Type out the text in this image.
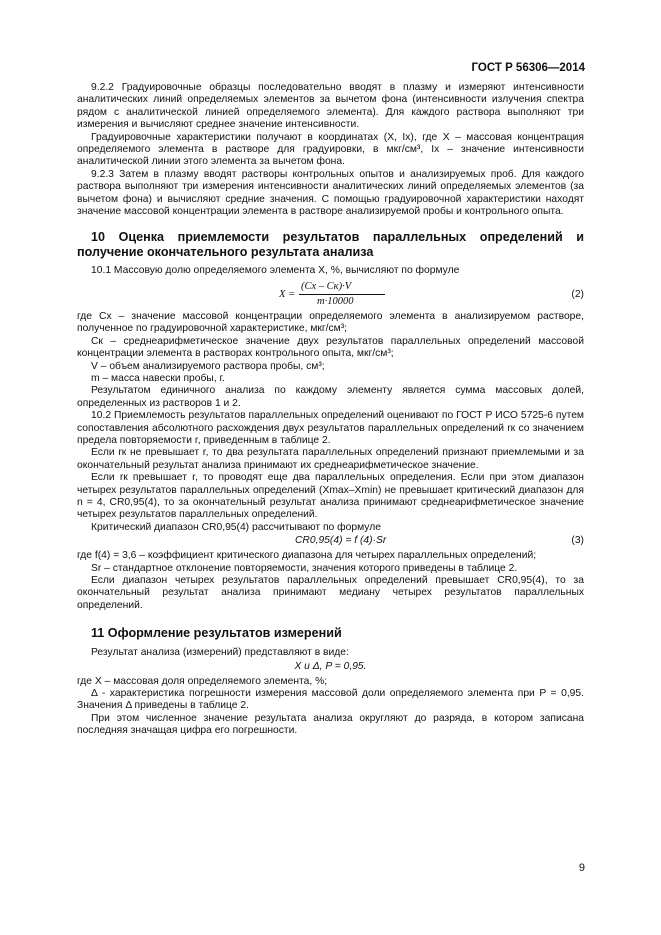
ГОСТ Р 56306—2014

9.2.2 Градуировочные образцы последовательно вводят в плазму и измеряют интенсивности аналитических линий определяемых элементов за вычетом фона (интенсивности излучения спектра рядом с аналитической линией определяемого элемента). Для каждого раствора выполняют три измерения и вычисляют среднее значение интенсивности.

Градуировочные характеристики получают в координатах (X, Iх), где X – массовая концентрация определяемого элемента в растворе для градуировки, в мкг/см³, Iх – значение интенсивности аналитической линии этого элемента за вычетом фона.

9.2.3 Затем в плазму вводят растворы контрольных опытов и анализируемых проб. Для каждого раствора выполняют три измерения интенсивности аналитических линий определяемых элементов (за вычетом фона) и вычисляют средние значения. С помощью градуировочной характеристики находят значение массовой концентрации элемента в растворе анализируемой пробы и контрольного опыта.

10 Оценка приемлемости результатов параллельных определений и получение окончательного результата анализа

10.1 Массовую долю определяемого элемента X, %, вычисляют по формуле

X =
(Cх – Cк)·V
m·10000
(2)

где Cх – значение массовой концентрации определяемого элемента в анализируемом растворе, полученное по градуировочной характеристике, мкг/см³;

Cк – среднеарифметическое значение двух результатов параллельных определений массовой концентрации элемента в растворах контрольного опыта, мкг/см³;

V – объем анализируемого раствора пробы, см³;

m – масса навески пробы, г.

Результатом единичного анализа по каждому элементу является сумма массовых долей, определенных из растворов 1 и 2.

10.2 Приемлемость результатов параллельных определений оценивают по ГОСТ Р ИСО 5725-6 путем сопоставления абсолютного расхождения двух результатов параллельных определений rк со значением предела повторяемости r, приведенным в таблице 2.

Если rк не превышает r, то два результата параллельных определений признают приемлемыми и за окончательный результат анализа принимают их среднеарифметическое значение.

Если rк превышает r, то проводят еще два параллельных определения. Если при этом диапазон четырех результатов параллельных определений (Xmax–Xmin) не превышает критический диапазон для n = 4, CR0,95(4), то за окончательный результат анализа принимают среднеарифметическое значение четырех результатов параллельных определений.

Критический диапазон CR0,95(4) рассчитывают по формуле

CR0,95(4) = f (4)·Sr	(3)

где f(4) = 3,6 – коэффициент критического диапазона для четырех параллельных определений;

Sr – стандартное отклонение повторяемости, значения которого приведены в таблице 2.

Если диапазон четырех результатов параллельных определений превышает CR0,95(4), то за окончательный результат анализа принимают медиану четырех результатов параллельных определений.

11 Оформление результатов измерений

Результат анализа (измерений) представляют в виде:

X и Δ, P = 0,95.

где X – массовая доля определяемого элемента, %;

Δ - характеристика погрешности измерения массовой доли определяемого элемента при P = 0,95. Значения Δ приведены в таблице 2.

При этом численное значение результата анализа округляют до разряда, в котором записана последняя значащая цифра его погрешности.

9
